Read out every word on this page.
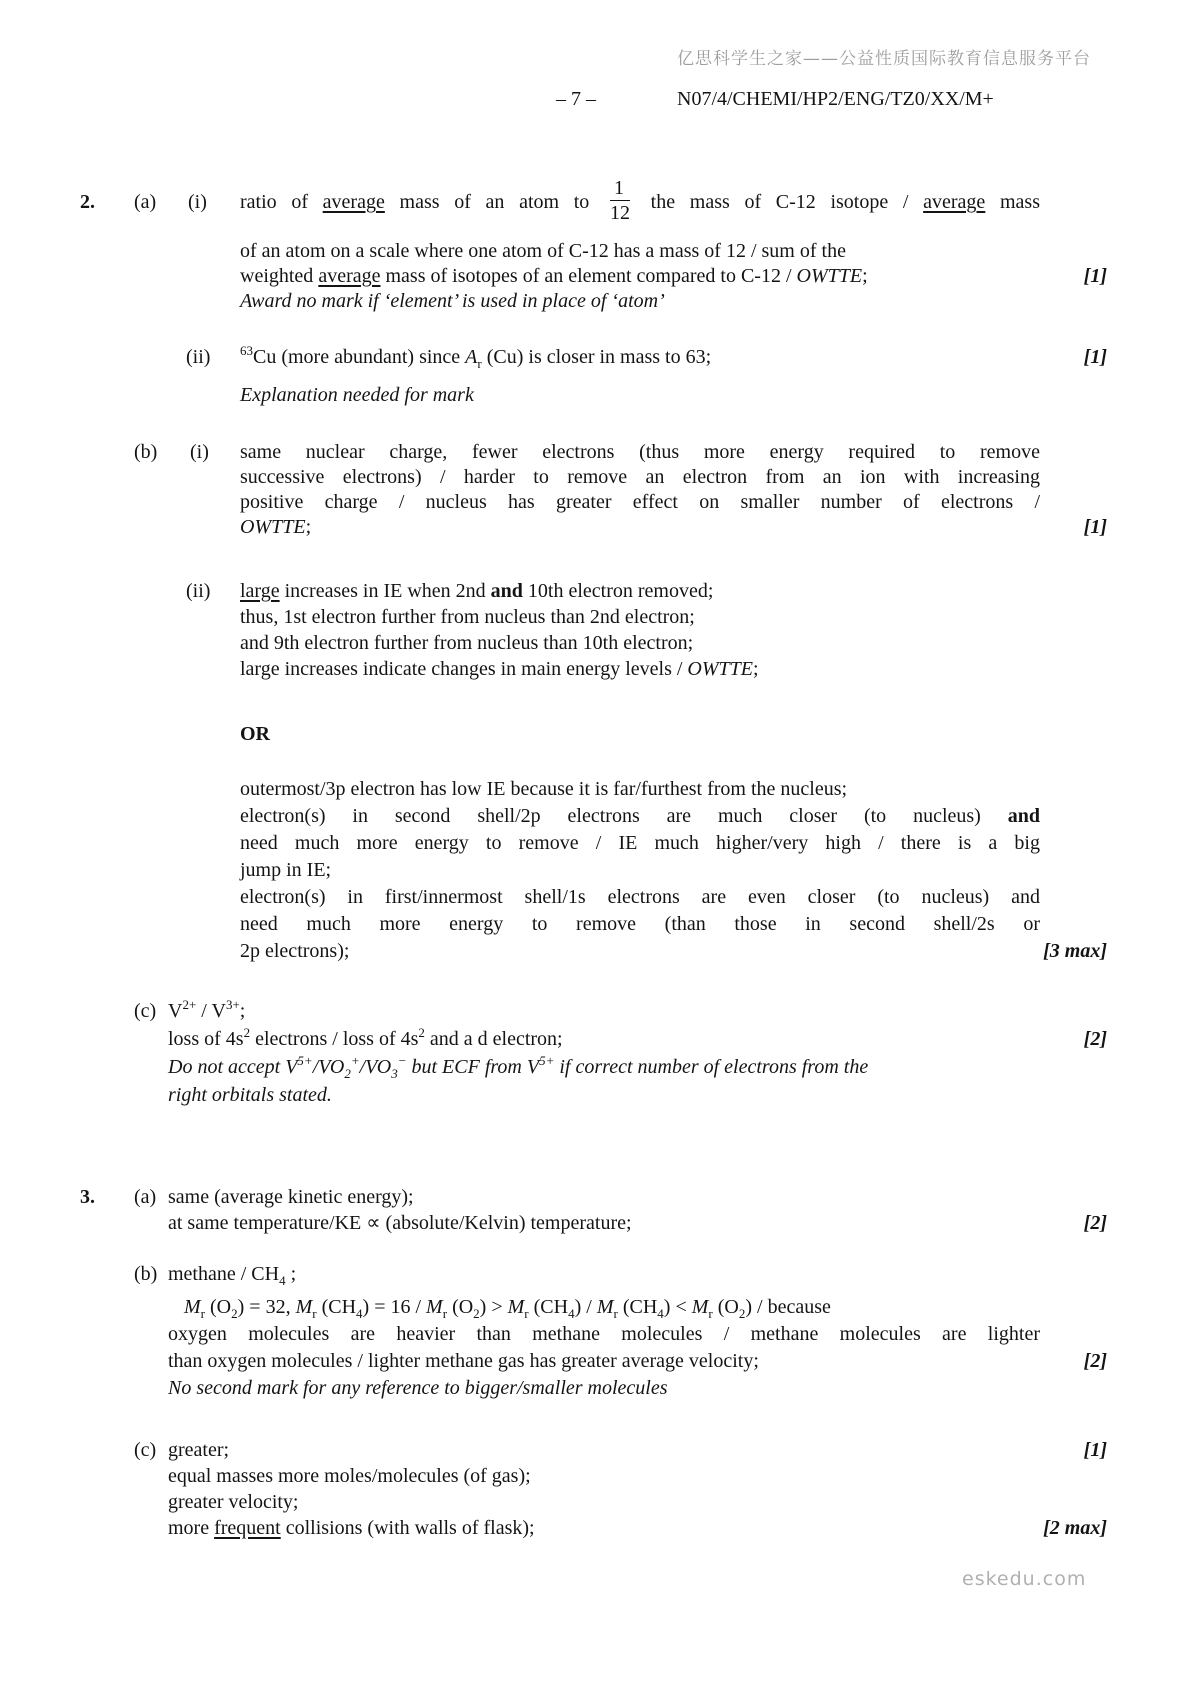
亿思科学生之家——公益性质国际教育信息服务平台
– 7 –	N07/4/CHEMI/HP2/ENG/TZ0/XX/M+
ratio of average mass of an atom to $\frac{1}{12}$ the mass of C-12 isotope / average mass
2. (a) (i)
of an atom on a scale where one atom of C-12 has a mass of 12 / sum of the
weighted average mass of isotopes of an element compared to C-12 / OWTTE;	[1]
Award no mark if ‘element’ is used in place of ‘atom’
$^{63}$Cu (more abundant) since $A_r$ (Cu) is closer in mass to 63;
(ii)	[1]
Explanation needed for mark
same nuclear charge, fewer electrons (thus more energy required to remove
(b) (i)
successive electrons) / harder to remove an electron from an ion with increasing
positive charge / nucleus has greater effect on smaller number of electrons /
OWTTE;	[1]
large increases in IE when 2nd and 10th electron removed;
(ii)
thus, 1st electron further from nucleus than 2nd electron;
and 9th electron further from nucleus than 10th electron;
large increases indicate changes in main energy levels / OWTTE;
OR
outermost/3p electron has low IE because it is far/furthest from the nucleus;
electron(s) in second shell/2p electrons are much closer (to nucleus) and
need much more energy to remove / IE much higher/very high / there is a big
jump in IE;
electron(s) in first/innermost shell/1s electrons are even closer (to nucleus) and
need much more energy to remove (than those in second shell/2s or
2p electrons);	[3 max]
$V^{2+} / V^{3+}$;
(c)
loss of $4s^2$ electrons / loss of $4s^2$ and a d electron;	[2]
Do not accept $V^{5+}/VO_2^+/VO_3^-$ but ECF from $V^{5+}$ if correct number of electrons from the
right orbitals stated.
same (average kinetic energy);
3. (a)
at same temperature/KE ∝ (absolute/Kelvin) temperature;	[2]
methane / $CH_4$ ;
(b)
$M_r$ $(O_2) = 32$, $M_r$ $(CH_4) = 16 / M_r$ $(O_2) > M_r$ $(CH_4) / M_r$ $(CH_4) < M_r$ $(O_2)$ / because
oxygen molecules are heavier than methane molecules / methane molecules are lighter
than oxygen molecules / lighter methane gas has greater average velocity;	[2]
No second mark for any reference to bigger/smaller molecules
greater;
(c)	[1]
equal masses more moles/molecules (of gas);
greater velocity;
more frequent collisions (with walls of flask);	[2 max]
eskedu.com
